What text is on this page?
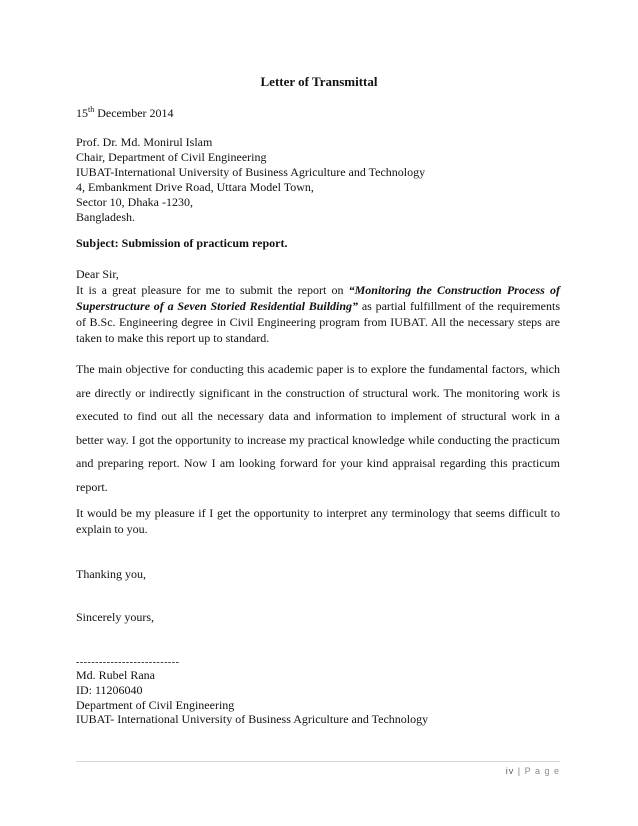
Letter of Transmittal
15th December 2014
Prof. Dr. Md. Monirul Islam
Chair, Department of Civil Engineering
IUBAT-International University of Business Agriculture and Technology
4, Embankment Drive Road, Uttara Model Town,
Sector 10, Dhaka -1230,
Bangladesh.
Subject: Submission of practicum report.
Dear Sir,
It is a great pleasure for me to submit the report on “Monitoring the Construction Process of Superstructure of a Seven Storied Residential Building” as partial fulfillment of the requirements of B.Sc. Engineering degree in Civil Engineering program from IUBAT. All the necessary steps are taken to make this report up to standard.
The main objective for conducting this academic paper is to explore the fundamental factors, which are directly or indirectly significant in the construction of structural work. The monitoring work is executed to find out all the necessary data and information to implement of structural work in a better way. I got the opportunity to increase my practical knowledge while conducting the practicum and preparing report. Now I am looking forward for your kind appraisal regarding this practicum report.
It would be my pleasure if I get the opportunity to interpret any terminology that seems difficult to explain to you.
Thanking you,
Sincerely yours,
---------------------------
Md. Rubel Rana
ID: 11206040
Department of Civil Engineering
IUBAT- International University of Business Agriculture and Technology
iv | P a g e
